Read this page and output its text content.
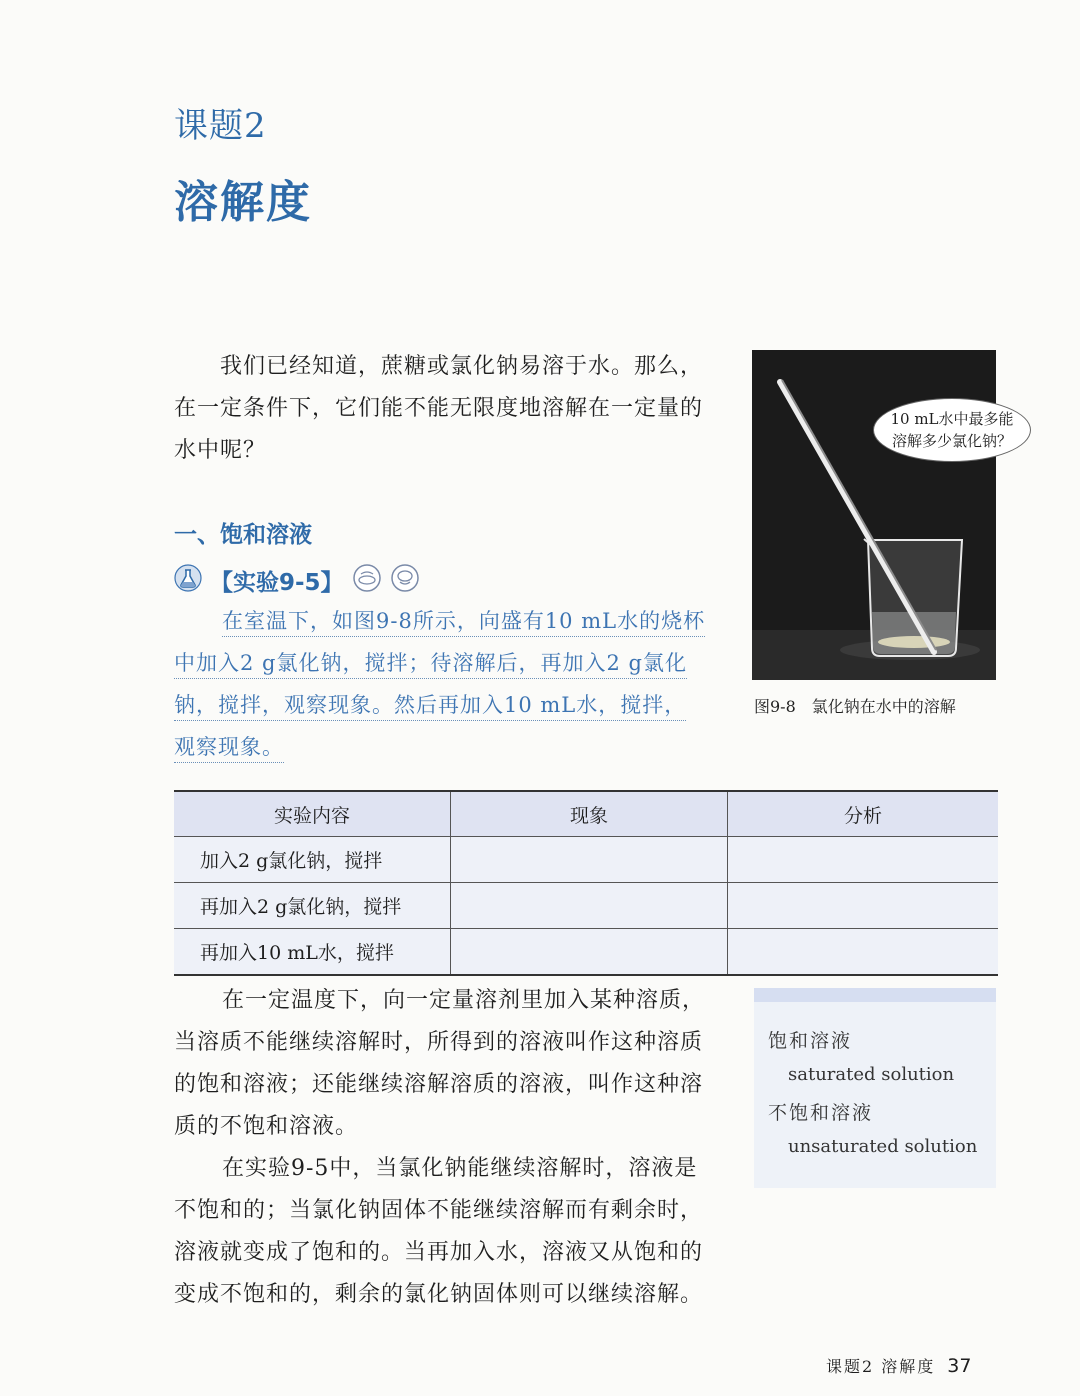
课题2
溶解度
我们已经知道，蔗糖或氯化钠易溶于水。那么，在一定条件下，它们能不能无限度地溶解在一定量的水中呢？
一、饱和溶液
【实验9-5】
在室温下，如图9-8所示，向盛有10 mL水的烧杯中加入2 g氯化钠，搅拌；待溶解后，再加入2 g氯化钠，搅拌，观察现象。然后再加入10 mL水，搅拌，观察现象。
10 mL水中最多能
溶解多少氯化钠？
图9-8 氯化钠在水中的溶解
实验内容	现象	分析
加入2 g氯化钠，搅拌		
再加入2 g氯化钠，搅拌		
再加入10 mL水，搅拌		

在一定温度下，向一定量溶剂里加入某种溶质，当溶质不能继续溶解时，所得到的溶液叫作这种溶质的饱和溶液；还能继续溶解溶质的溶液，叫作这种溶质的不饱和溶液。

在实验9-5中，当氯化钠能继续溶解时，溶液是不饱和的；当氯化钠固体不能继续溶解而有剩余时，溶液就变成了饱和的。当再加入水，溶液又从饱和的变成不饱和的，剩余的氯化钠固体则可以继续溶解。

饱和溶液
saturated solution
不饱和溶液
unsaturated solution
课题2 溶解度 37
